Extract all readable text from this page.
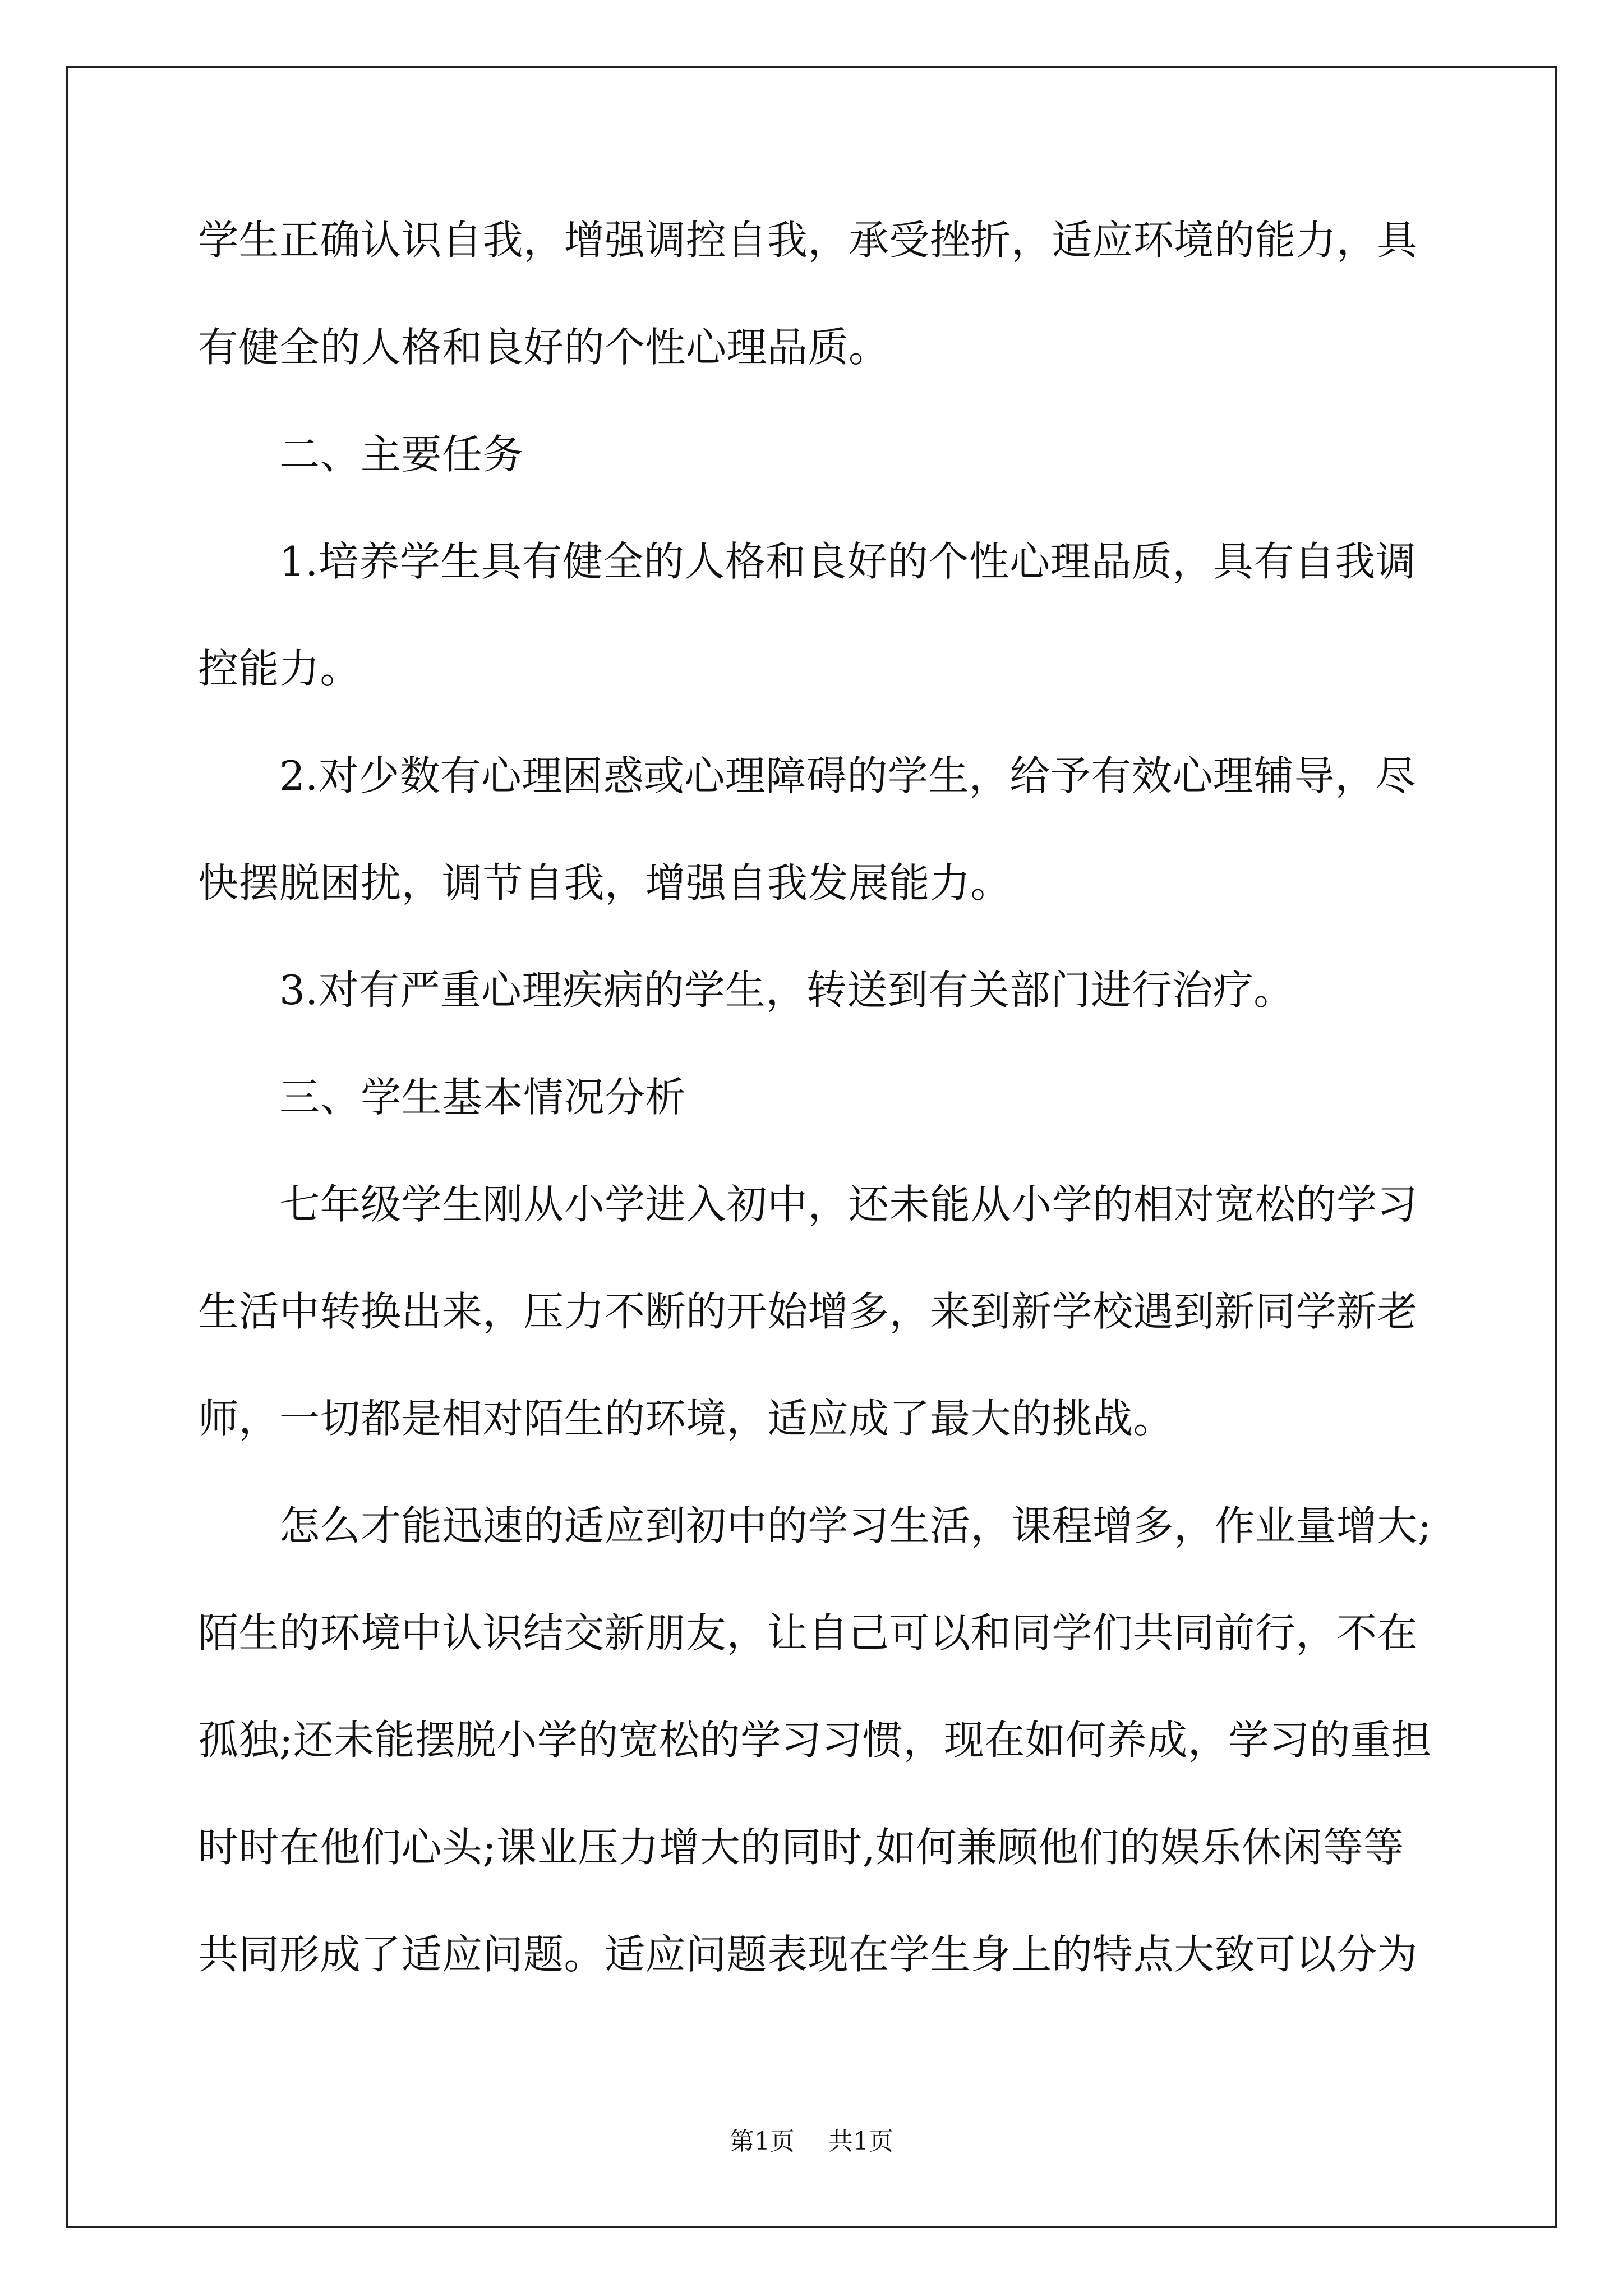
学生正确认识自我，增强调控自我，承受挫折，适应环境的能力，具
有健全的人格和良好的个性心理品质。
二、主要任务
1.培养学生具有健全的人格和良好的个性心理品质，具有自我调
控能力。
2.对少数有心理困惑或心理障碍的学生，给予有效心理辅导，尽
快摆脱困扰，调节自我，增强自我发展能力。
3.对有严重心理疾病的学生，转送到有关部门进行治疗。
三、学生基本情况分析
七年级学生刚从小学进入初中，还未能从小学的相对宽松的学习
生活中转换出来，压力不断的开始增多，来到新学校遇到新同学新老
师，一切都是相对陌生的环境，适应成了最大的挑战。
怎么才能迅速的适应到初中的学习生活，课程增多，作业量增大;
陌生的环境中认识结交新朋友，让自己可以和同学们共同前行，不在
孤独;还未能摆脱小学的宽松的学习习惯，现在如何养成，学习的重担
时时在他们心头;课业压力增大的同时,如何兼顾他们的娱乐休闲等等
共同形成了适应问题。适应问题表现在学生身上的特点大致可以分为
第1页 共1页
